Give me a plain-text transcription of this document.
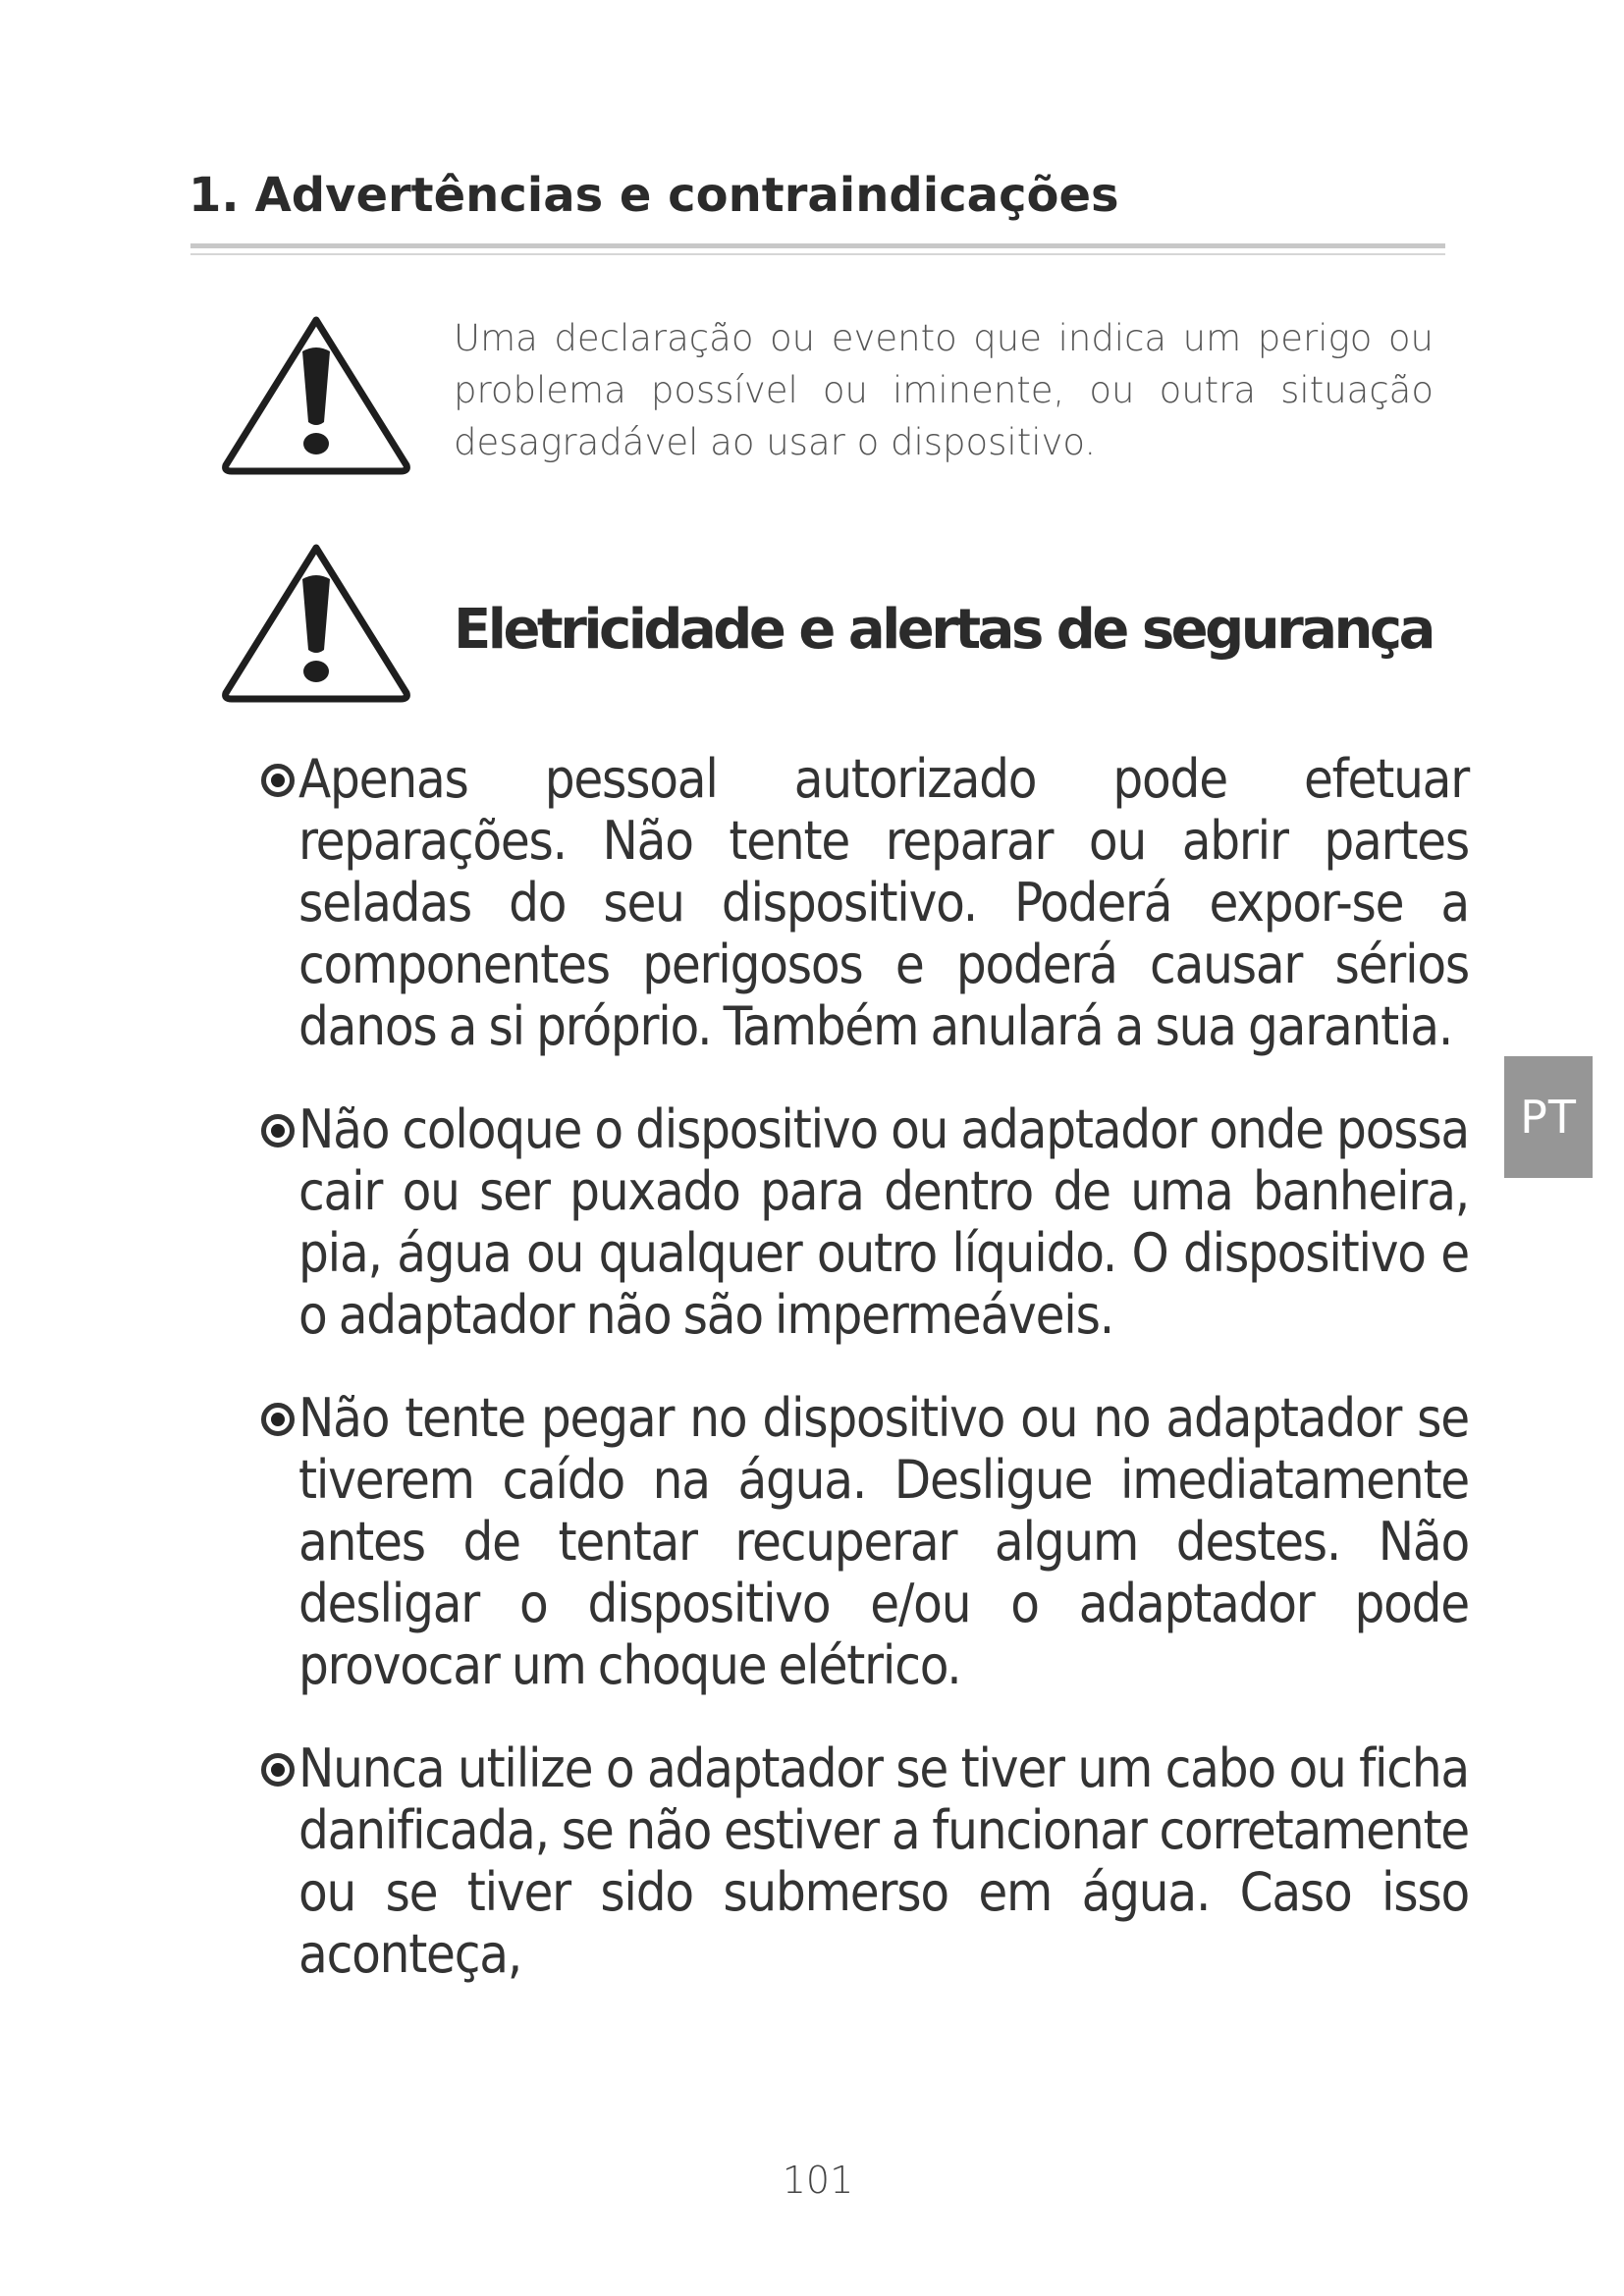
1. Advertências e contraindicações

Uma declaração ou evento que indica um perigo ou problema possível ou iminente, ou outra situação desagradável ao usar o dispositivo.

Eletricidade e alertas de segurança

Apenas pessoal autorizado pode efetuar reparações. Não tente reparar ou abrir partes seladas do seu dispositivo. Poderá expor-se a componentes perigosos e poderá causar sérios danos a si próprio. Também anulará a sua garantia.

Não coloque o dispositivo ou adaptador onde possa cair ou ser puxado para dentro de uma banheira, pia, água ou qualquer outro líquido. O dispositivo e o adaptador não são impermeáveis.

Não tente pegar no dispositivo ou no adaptador se tiverem caído na água. Desligue imediatamente antes de tentar recuperar algum destes. Não desligar o dispositivo e/ou o adaptador pode provocar um choque elétrico.

Nunca utilize o adaptador se tiver um cabo ou ficha danificada, se não estiver a funcionar corretamente ou se tiver sido submerso em água. Caso isso aconteça,

PT
101
